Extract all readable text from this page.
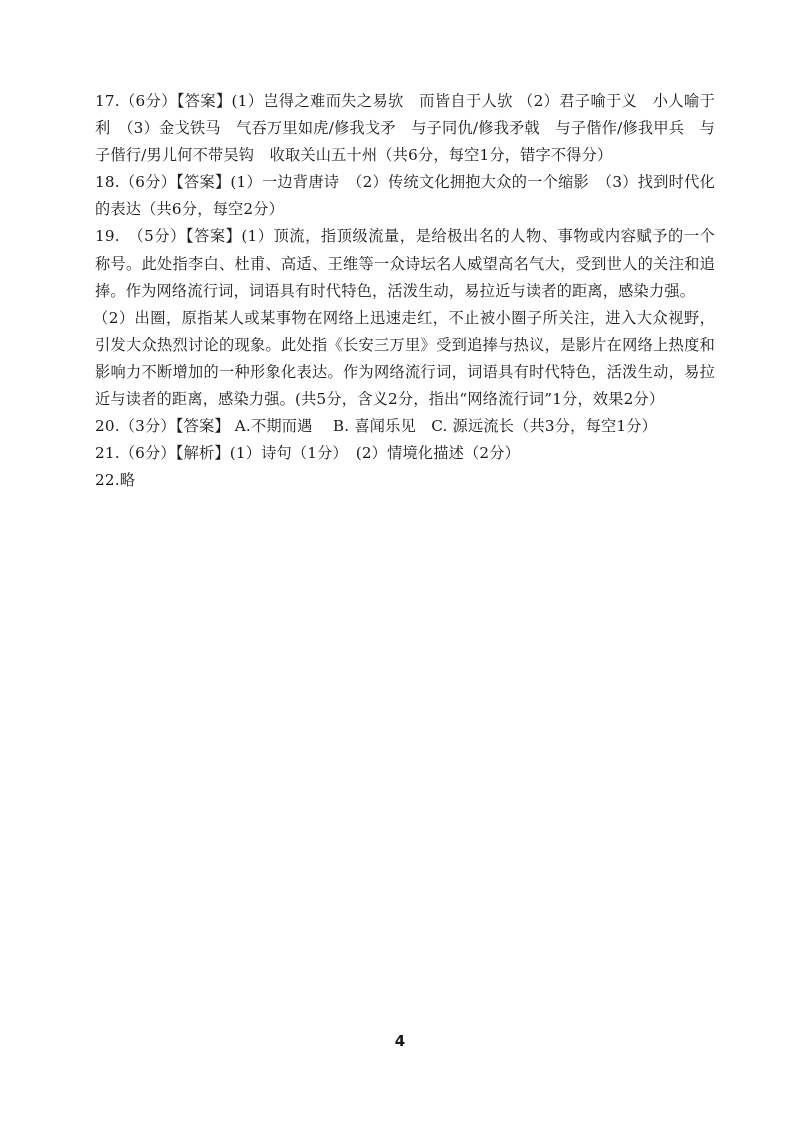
17.（6分）【答案】(1）岂得之难而失之易欤　而皆自于人欤 （2）君子喻于义　小人喻于利　（3）金戈铁马　气吞万里如虎/修我戈矛　与子同仇/修我矛戟　与子偕作/修我甲兵　与子偕行/男儿何不带吴钩　收取关山五十州（共6分，每空1分，错字不得分）

18.（6分）【答案】(1）一边背唐诗　（2）传统文化拥抱大众的一个缩影　（3）找到时代化的表达（共6分，每空2分）

19.　（5分）【答案】(1）顶流，指顶级流量，是给极出名的人物、事物或内容赋予的一个称号。此处指李白、杜甫、高适、王维等一众诗坛名人威望高名气大，受到世人的关注和追捧。作为网络流行词，词语具有时代特色，活泼生动，易拉近与读者的距离，感染力强。

（2）出圈，原指某人或某事物在网络上迅速走红，不止被小圈子所关注，进入大众视野，引发大众热烈讨论的现象。此处指《长安三万里》受到追捧与热议，是影片在网络上热度和影响力不断增加的一种形象化表达。作为网络流行词，词语具有时代特色，活泼生动，易拉近与读者的距离，感染力强。(共5分，含义2分，指出“网络流行词”1分，效果2分）

20.（3分）【答案】 A.不期而遇　 B. 喜闻乐见　C. 源远流长（共3分，每空1分）

21.（6分）【解析】(1）诗句（1分）　(2）情境化描述（2分）

22.略

4
